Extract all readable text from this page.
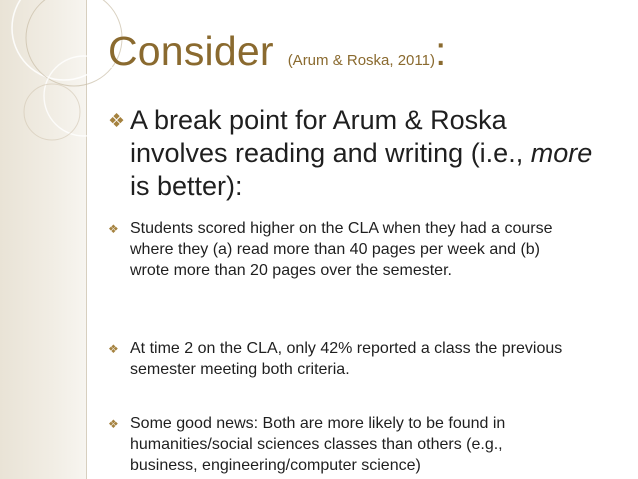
Consider (Arum & Roska, 2011):
❖ A break point for Arum & Roska
involves reading and writing (i.e., more
is better):
❖ Students scored higher on the CLA when they had a course
where they (a) read more than 40 pages per week and (b)
wrote more than 20 pages over the semester.
❖ At time 2 on the CLA, only 42% reported a class the previous
semester meeting both criteria.
❖ Some good news: Both are more likely to be found in
humanities/social sciences classes than others (e.g.,
business, engineering/computer science)
